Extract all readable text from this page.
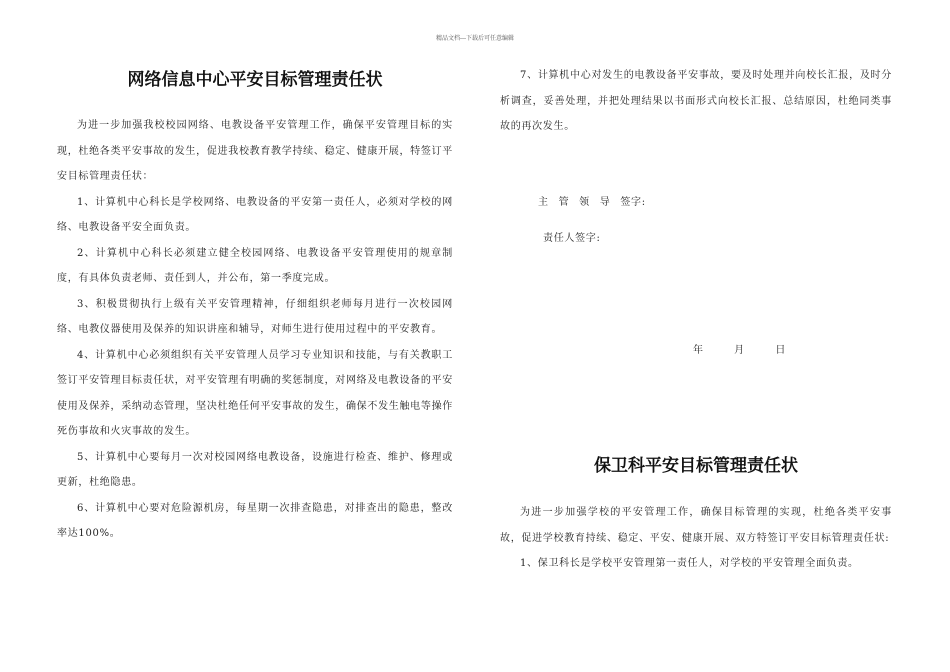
精品文档---下载后可任意编辑
网络信息中心平安目标管理责任状

为进一步加强我校校园网络、电教设备平安管理工作，确保平安管理目标的实现，杜绝各类平安事故的发生，促进我校教育教学持续、稳定、健康开展，特签订平安目标管理责任状：

1、计算机中心科长是学校网络、电教设备的平安第一责任人，必须对学校的网络、电教设备平安全面负责。

2、计算机中心科长必须建立健全校园网络、电教设备平安管理使用的规章制度，有具体负责老师、责任到人，并公布，第一季度完成。

3、积极贯彻执行上级有关平安管理精神，仔细组织老师每月进行一次校园网络、电教仪器使用及保养的知识讲座和辅导，对师生进行使用过程中的平安教育。

4、计算机中心必须组织有关平安管理人员学习专业知识和技能，与有关教职工签订平安管理目标责任状，对平安管理有明确的奖惩制度，对网络及电教设备的平安使用及保养，采纳动态管理，坚决杜绝任何平安事故的发生，确保不发生触电等操作死伤事故和火灾事故的发生。

5、计算机中心要每月一次对校园网络电教设备，设施进行检查、维护、修理或更新，杜绝隐患。

6、计算机中心要对危险源机房，每星期一次排查隐患，对排查出的隐患，整改率达100%。

7、计算机中心对发生的电教设备平安事故，要及时处理并向校长汇报，及时分析调查，妥善处理，并把处理结果以书面形式向校长汇报、总结原因，杜绝同类事故的再次发生。

主 管 领 导 签字:
责任人签字:
年 月 日
保卫科平安目标管理责任状

为进一步加强学校的平安管理工作，确保目标管理的实现，杜绝各类平安事故，促进学校教育持续、稳定、平安、健康开展、双方特签订平安目标管理责任状:

1、保卫科长是学校平安管理第一责任人，对学校的平安管理全面负责。
